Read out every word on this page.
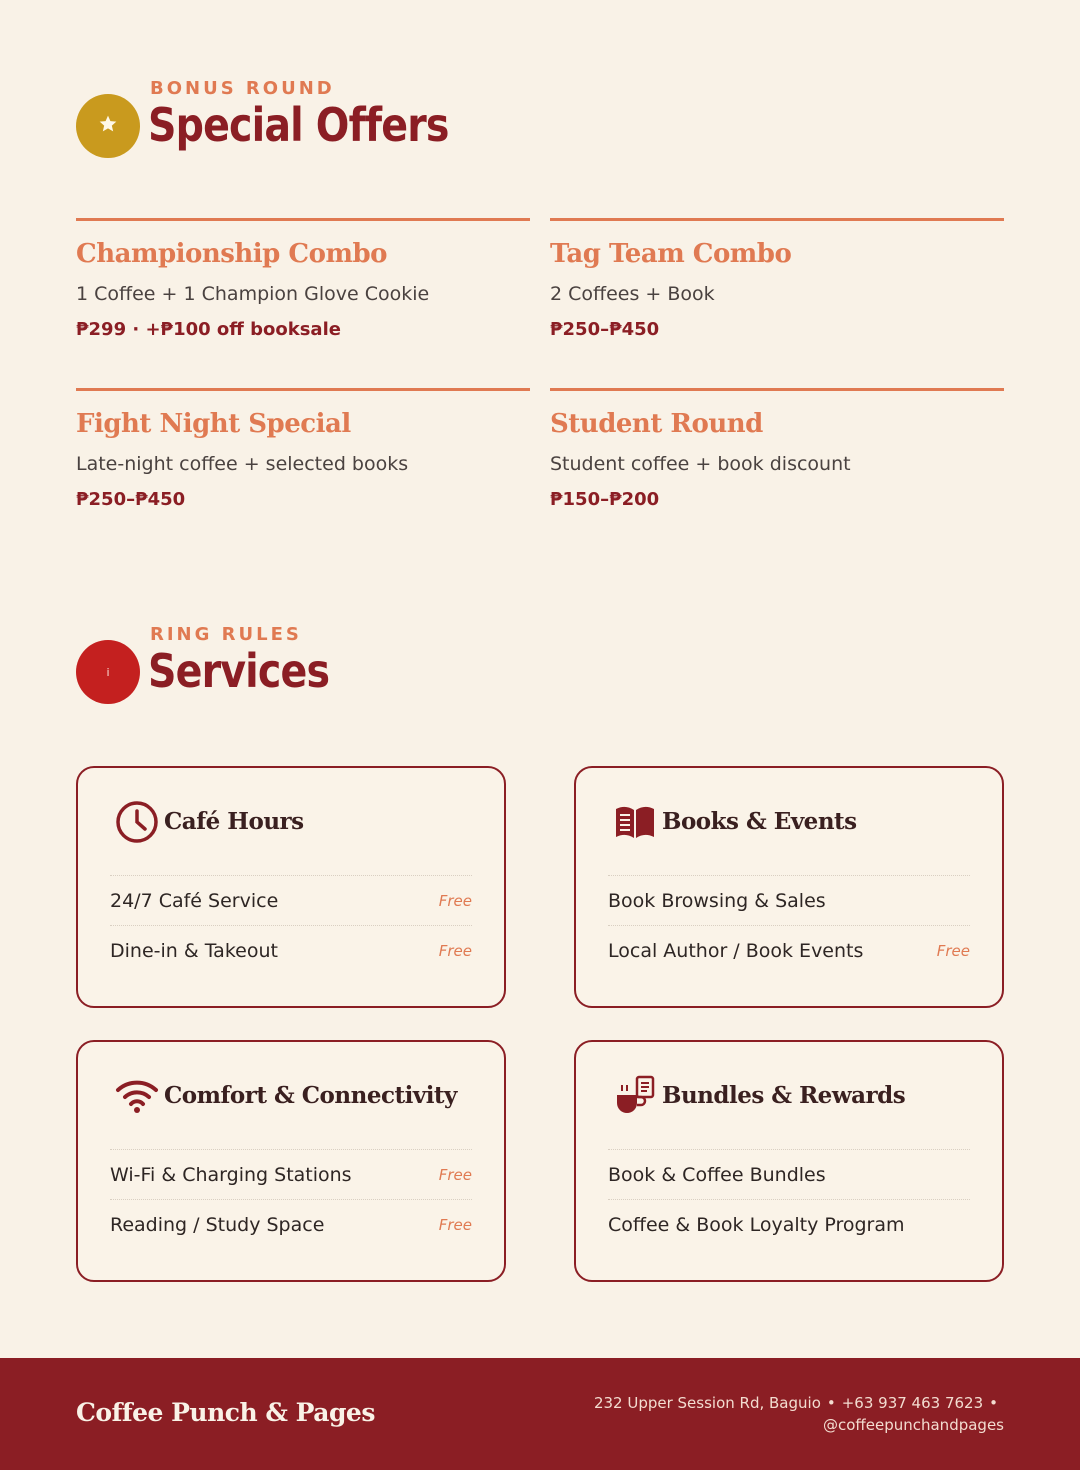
BONUS ROUND
Special Offers
Championship Combo
1 Coffee + 1 Champion Glove Cookie
₱299 · +₱100 off booksale
Tag Team Combo
2 Coffees + Book
₱250–₱450
Fight Night Special
Late-night coffee + selected books
₱250–₱450
Student Round
Student coffee + book discount
₱150–₱200
i
RING RULES
Services
Café Hours
24/7 Café Service	Free
Dine-in & Takeout	Free
Books & Events
Book Browsing & Sales
Local Author / Book Events	Free
Comfort & Connectivity
Wi-Fi & Charging Stations	Free
Reading / Study Space	Free
Bundles & Rewards
Book & Coffee Bundles
Coffee & Book Loyalty Program
Coffee Punch & Pages	232 Upper Session Rd, Baguio • +63 937 463 7623 •
@coffeepunchandpages
